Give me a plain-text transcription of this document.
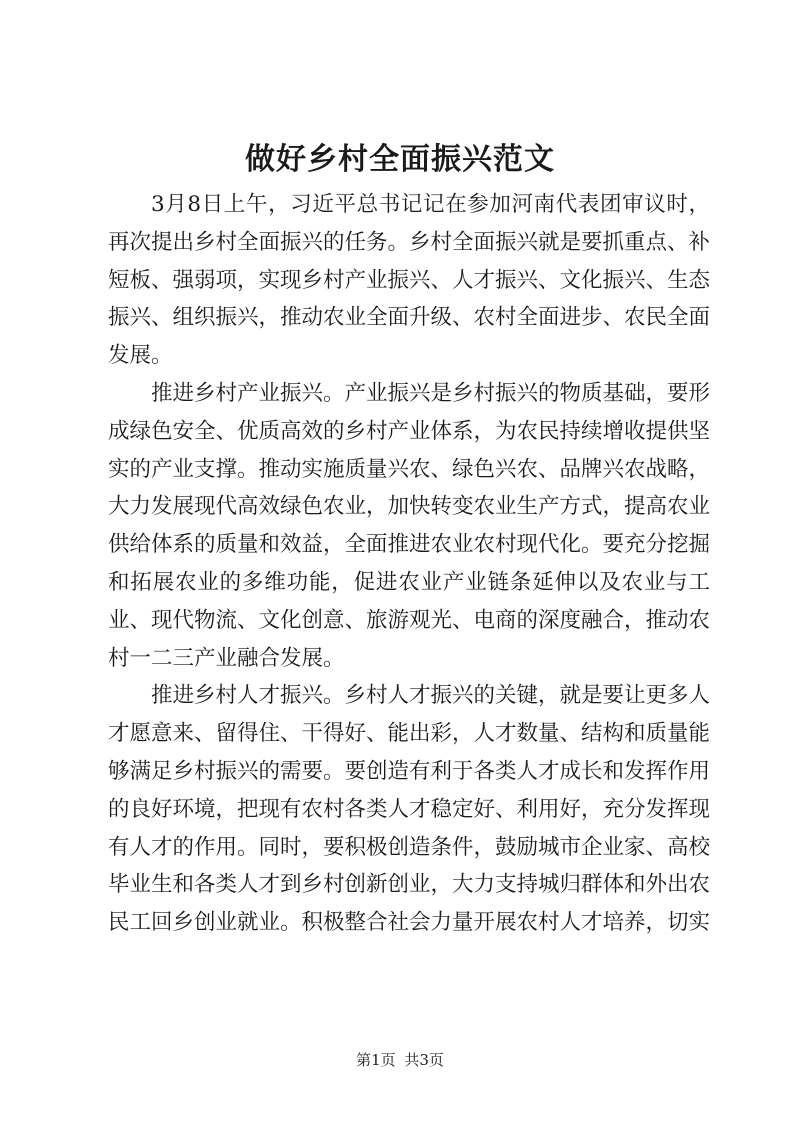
做好乡村全面振兴范文

3月8日上午，习近平总书记记在参加河南代表团审议时，再次提出乡村全面振兴的任务。乡村全面振兴就是要抓重点、补短板、强弱项，实现乡村产业振兴、人才振兴、文化振兴、生态振兴、组织振兴，推动农业全面升级、农村全面进步、农民全面发展。

推进乡村产业振兴。产业振兴是乡村振兴的物质基础，要形成绿色安全、优质高效的乡村产业体系，为农民持续增收提供坚实的产业支撑。推动实施质量兴农、绿色兴农、品牌兴农战略，大力发展现代高效绿色农业，加快转变农业生产方式，提高农业供给体系的质量和效益，全面推进农业农村现代化。要充分挖掘和拓展农业的多维功能，促进农业产业链条延伸以及农业与工业、现代物流、文化创意、旅游观光、电商的深度融合，推动农村一二三产业融合发展。

推进乡村人才振兴。乡村人才振兴的关键，就是要让更多人才愿意来、留得住、干得好、能出彩，人才数量、结构和质量能够满足乡村振兴的需要。要创造有利于各类人才成长和发挥作用的良好环境，把现有农村各类人才稳定好、利用好，充分发挥现有人才的作用。同时，要积极创造条件，鼓励城市企业家、高校毕业生和各类人才到乡村创新创业，大力支持城归群体和外出农民工回乡创业就业。积极整合社会力量开展农村人才培养，切实

第1页 共3页
